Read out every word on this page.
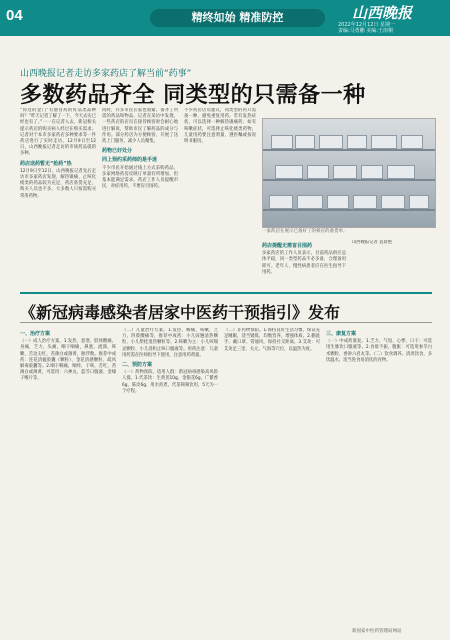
04	精终如始 精准防控	山西晚报
2022年12月12日 星期一
责编:马勇鹏 美编:王雨桐
山西晚报记者走访多家药店了解当前“药事”
多数药品齐全 同类型的只需备一种
“你这的金门”有感冒药的好品类品种吗？”昨天记者了解了一下，今天去实已经也有了。”一一在记者入去，新冠相关提示药店的购买病人经过在购买需求。记者对于本市多家药店多种要求等一件药店进行了实时走访。12月9日至12日，山西晚报记者走访的市场药品就的多种。
药店送药暂无“抢药”热
12月9日至12日，山西晚报记者先后走访市多家药店发现，解热镇痛、止咳化痰类的药品较为充足，药店备货充足，购买人员也不多，大多数人只按需购买常用药物。
同时，许多市民在家也加紧，备齐了所需的药品和物品。记者在采访中发现，一些药店的店员在接待顾客时会耐心地进行解说，帮助市民了解药品的成分与作用。部分药店为方便顾客，开展了送药上门服务，减少人员聚集。
药物已好处分
同上预约采药师的是手迷
不少市民开始通过线上方式采购药品，多家网络药房反映订单量有所增加，但基本能满足需求。药店工作人员提醒市民，对症用药，不要盲目囤药。
不少药店店员建议，同类型的药只需备一种，避免重复用药。若有发热症状，可以选择一种解热镇痛药；如有咳嗽症状，可选择止咳化痰类药物。儿童用药要注意剂量，遵医嘱或按说明书服用。
一家药店在展示已备好了的相应的备货单。
药店提醒无需盲目囤药
多家药店的工作人员表示，目前药品供应总体平稳，同一类型药品不必多备，合理备用即可。老年人、慢性病患者应在医生指导下用药。
山西晚报记者 袁晨艳
《新冠病毒感染者居家中医药干预指引》发布
一、治疗方案
（一）成人治疗方案。1.发热，恶寒，肢体酸痛，身痛，乏力，头痛，咽干咽痛，鼻塞，流涕，咳嗽，舌边尖红，苔薄白或薄黄，脉浮数。推荐中成药：连花清瘟胶囊（颗粒）、金花清感颗粒、疏风解毒胶囊等。2.咽干咽痛，咽痒，干咳，舌红，苔薄白或薄黄，可选用：六神丸、蓝芩口服液、金嗓子喉片等。
（二）儿童治疗方案。1.发热，咽痛，咳嗽，乏力，四肢酸痛等，推荐中成药：小儿豉翘清热颗粒、小儿柴桂退热颗粒等。2.咳嗽为主：小儿咳喘灵颗粒、小儿消积止咳口服液等。用药注意：儿童用药需在医师指导下使用，注意用药剂量。
二、预防方案
（一）药物预防。适用人群：新冠病毒感染高风险人群。1.代茶饮：生黄芪10g，金银花6g，广藿香6g，陈皮6g，用水煎煮，代茶频频饮用，5天为一个疗程。
（二）非药物预防。1.保持良好生活习惯，保证充足睡眠，适当锻炼，均衡营养，增强体质。2.勤洗手、戴口罩、常通风，保持社交距离。3.艾灸：可艾灸足三里、关元、气海等穴位，以温热为度。
三、康复方案
（一）中成药康复。1.乏力、气短、心悸、口干：可选用生脉饮口服液等。2.食欲不振、腹胀：可选用参苓白术颗粒、香砂六君丸等。（二）饮食调养。清淡饮食，多饮温水，适当进食易消化的食物。
新国家中医药管理局网站
